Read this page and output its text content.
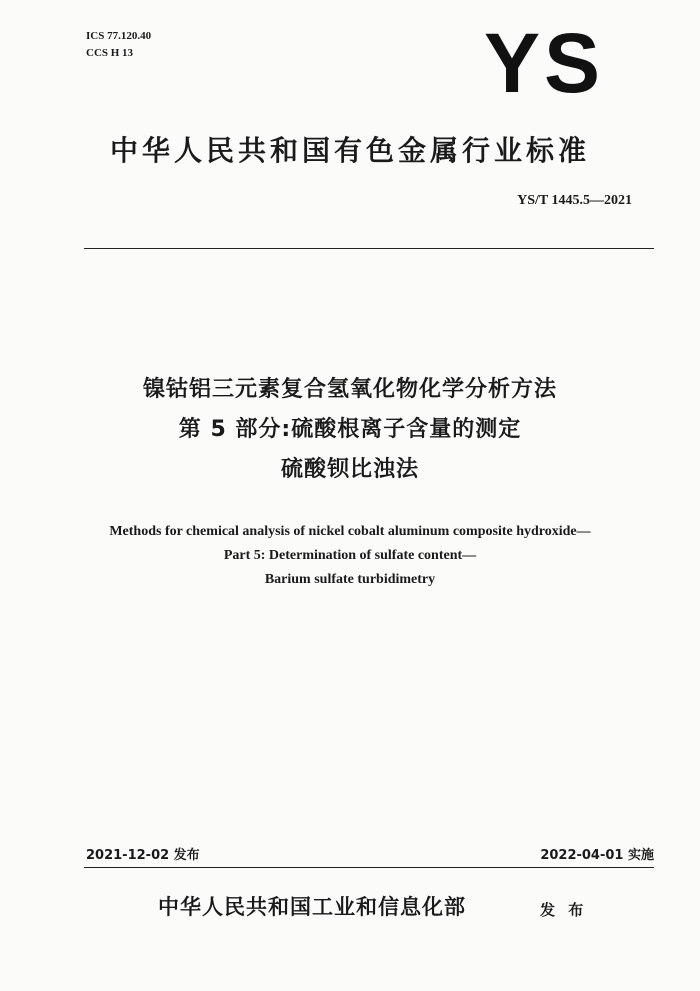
ICS 77.120.40
CCS H 13	YS
中华人民共和国有色金属行业标准
YS/T 1445.5—2021
镍钴铝三元素复合氢氧化物化学分析方法
第 5 部分:硫酸根离子含量的测定
硫酸钡比浊法
Methods for chemical analysis of nickel cobalt aluminum composite hydroxide—
Part 5: Determination of sulfate content—
Barium sulfate turbidimetry
2021-12-02 发布	2022-04-01 实施
中华人民共和国工业和信息化部	发 布
